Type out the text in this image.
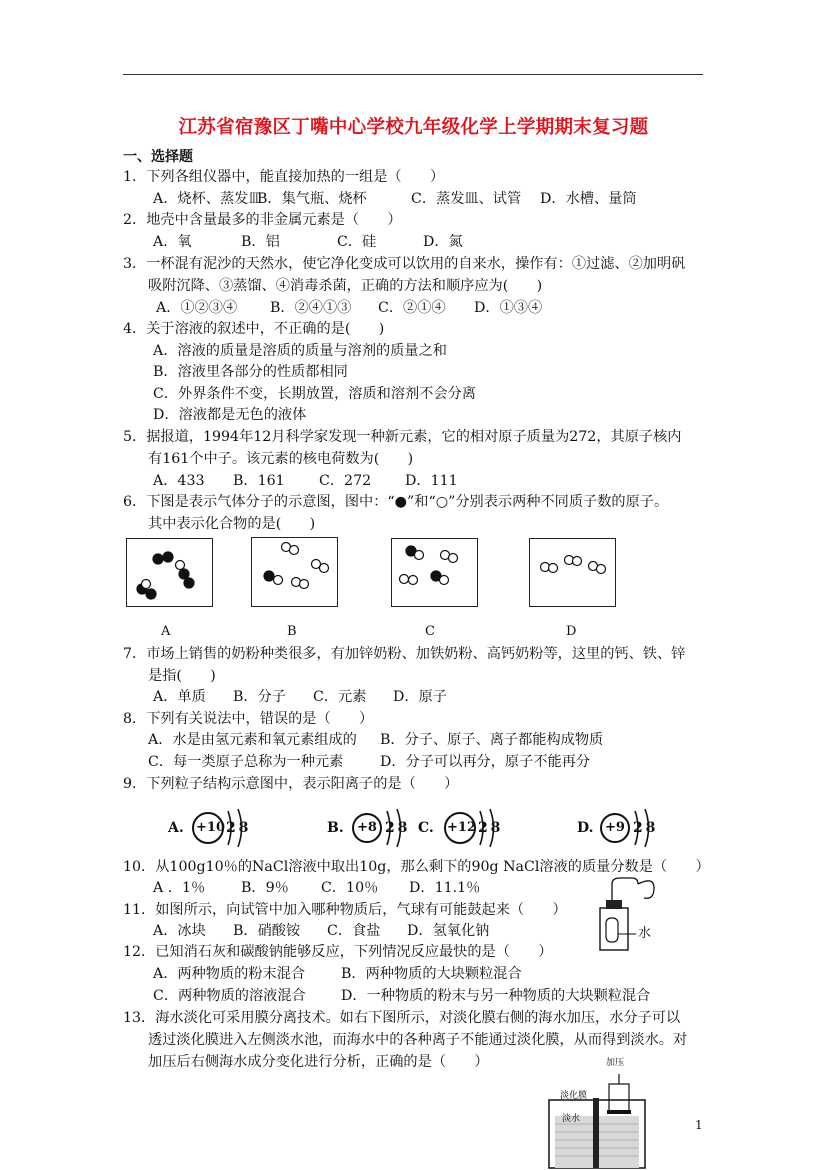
江苏省宿豫区丁嘴中心学校九年级化学上学期期末复习题
一、选择题
1．下列各组仪器中，能直接加热的一组是（　　）
A．烧杯、蒸发皿B．集气瓶、烧杯	C．蒸发皿、试管 D．水槽、量筒
2．地壳中含量最多的非金属元素是（　　）
A．氧	B．铝	C．硅	D．氮
3．一杯混有泥沙的天然水，使它净化变成可以饮用的自来水，操作有：①过滤、②加明矾
吸附沉降、③蒸馏、④消毒杀菌，正确的方法和顺序应为(　　)
A．①②③④ B．②④①③ C．②①④ D．①③④
4．关于溶液的叙述中，不正确的是(　　)
A．溶液的质量是溶质的质量与溶剂的质量之和
B．溶液里各部分的性质都相同
C．外界条件不变，长期放置，溶质和溶剂不会分离
D．溶液都是无色的液体
5．据报道，1994年12月科学家发现一种新元素，它的相对原子质量为272，其原子核内
有161个中子。该元素的核电荷数为(　　)
A．433 B．161 C．272 D．111
6．下图是表示气体分子的示意图，图中：“●”和“○”分别表示两种不同质子数的原子。
其中表示化合物的是(　　)
A	B	C	D
7．市场上销售的奶粉种类很多，有加锌奶粉、加铁奶粉、高钙奶粉等，这里的钙、铁、锌
是指(　　)
A．单质 B．分子 C．元素 D．原子
8．下列有关说法中，错误的是（　　）
A．水是由氢元素和氧元素组成的 B．分子、原子、离子都能构成物质
C．每一类原子总称为一种元素	D．分子可以再分，原子不能再分
9．下列粒子结构示意图中，表示阳离子的是（　　）
A. +10 2 8	B. +8 2 8 C. +12 2 8	D. +9 2 8
10．从100g10％的NaCl溶液中取出10g，那么剩下的90g NaCl溶液的质量分数是（　　）
A ．1％	B．9％ C．10％ D．11.1％
水
11．如图所示，向试管中加入哪种物质后，气球有可能鼓起来（　　）
A．冰块 B．硝酸铵 C．食盐 D．氢氧化钠
12．已知消石灰和碳酸钠能够反应，下列情况反应最快的是（　　）
A．两种物质的粉末混合	B．两种物质的大块颗粒混合
C．两种物质的溶液混合 D．一种物质的粉末与另一种物质的大块颗粒混合
13．海水淡化可采用膜分离技术。如右下图所示，对淡化膜右侧的海水加压，水分子可以
透过淡化膜进入左侧淡水池，而海水中的各种离子不能通过淡化膜，从而得到淡水。对
加压后右侧海水成分变化进行分析，正确的是（　　）	加压
淡化膜
淡水	1
